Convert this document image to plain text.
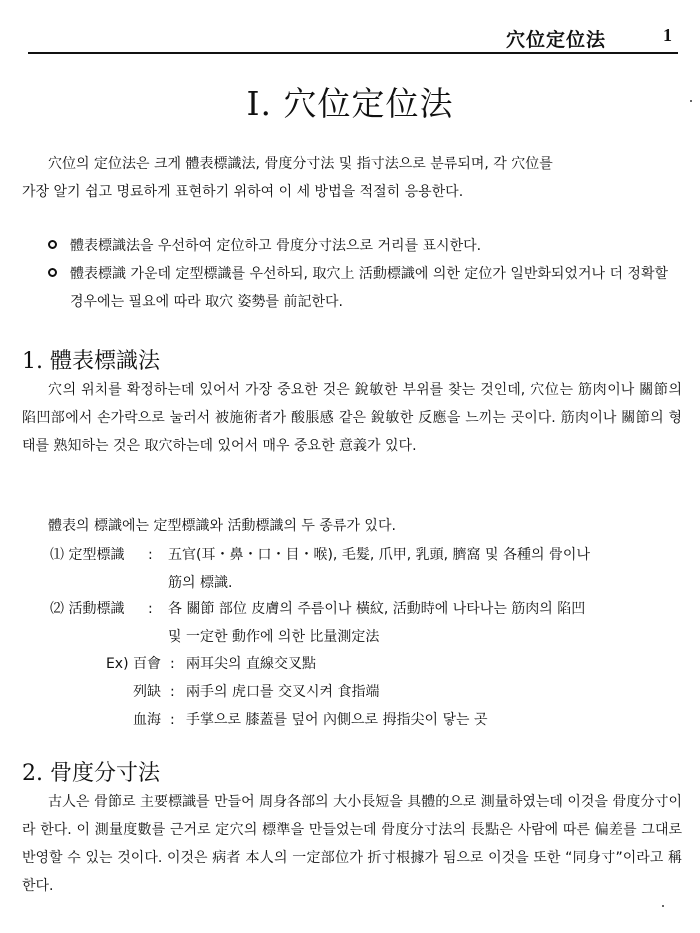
穴位定位法	1
I. 穴位定位法
穴位의 定位法은 크게 體表標識法, 骨度分寸法 및 指寸法으로 분류되며, 각 穴位를
가장 알기 쉽고 명료하게 표현하기 위하여 이 세 방법을 적절히 응용한다.
體表標識法을 우선하여 定位하고 骨度分寸法으로 거리를 표시한다.
體表標識 가운데 定型標識를 우선하되, 取穴上 活動標識에 의한 定位가 일반화되었거나 더 정확할 경우에는 필요에 따라 取穴 姿勢를 前記한다.
1. 體表標識法
穴의 위치를 확정하는데 있어서 가장 중요한 것은 銳敏한 부위를 찾는 것인데, 穴位는 筋肉이나 關節의 陷凹部에서 손가락으로 눌러서 被施術者가 酸脹感 같은 銳敏한 反應을 느끼는 곳이다. 筋肉이나 關節의 형태를 熟知하는 것은 取穴하는데 있어서 매우 중요한 意義가 있다.
體表의 標識에는 定型標識와 活動標識의 두 종류가 있다.
⑴ 定型標識 : 五官(耳・鼻・口・目・喉), 毛髮, 爪甲, 乳頭, 臍窩 및 各種의 骨이나
筋의 標識.
⑵ 活動標識 : 各 關節 部位 皮膚의 주름이나 橫紋, 活動時에 나타나는 筋肉의 陷凹
및 一定한 動作에 의한 比量測定法
Ex) 百會 : 兩耳尖의 直線交叉點
列缺 : 兩手의 虎口를 交叉시켜 食指端
血海 : 手掌으로 膝蓋를 덮어 內側으로 拇指尖이 닿는 곳
2. 骨度分寸法
古人은 骨節로 主要標識를 만들어 周身各部의 大小長短을 具體的으로 測量하였는데 이것을 骨度分寸이라 한다. 이 測量度數를 근거로 定穴의 標準을 만들었는데 骨度分寸法의 長點은 사람에 따른 偏差를 그대로 반영할 수 있는 것이다. 이것은 病者 本人의 一定部位가 折寸根據가 됨으로 이것을 또한 “同身寸”이라고 稱한다.
